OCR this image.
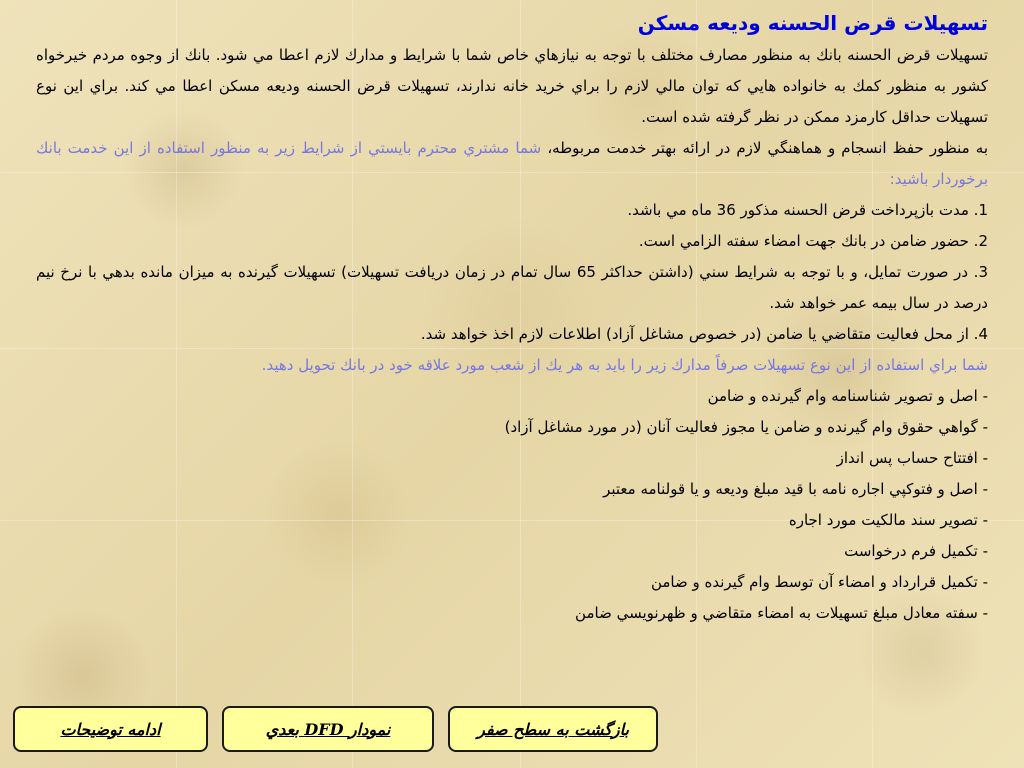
تسهيلات قرض الحسنه وديعه مسكن

تسهيلات قرض الحسنه بانك به منظور مصارف مختلف با توجه به نيازهاي خاص شما با شرايط و مدارك لازم اعطا مي شود. بانك از وجوه مردم خيرخواه كشور به منظور كمك به خانواده هايي كه توان مالي لازم را براي خريد خانه ندارند، تسهيلات قرض الحسنه وديعه مسكن اعطا مي كند. براي اين نوع تسهيلات حداقل كارمزد ممكن در نظر گرفته شده است.

به منظور حفظ انسجام و هماهنگي لازم در ارائه بهتر خدمت مربوطه، شما مشتري محترم بايستي از شرايط زير به منظور استفاده از اين خدمت بانك برخوردار باشيد:

1. مدت بازپرداخت قرض الحسنه مذكور 36 ماه مي باشد.

2. حضور ضامن در بانك جهت امضاء سفته الزامي است.

3. در صورت تمايل، و با توجه به شرايط سني (داشتن حداكثر 65 سال تمام در زمان دريافت تسهيلات) تسهيلات گيرنده به ميزان مانده بدهي با نرخ نيم درصد در سال بيمه عمر خواهد شد.

4. از محل فعاليت متقاضي يا ضامن (در خصوص مشاغل آزاد) اطلاعات لازم اخذ خواهد شد.

شما براي استفاده از اين نوع تسهيلات صرفاً مدارك زير را بايد به هر يك از شعب مورد علاقه خود در بانك تحويل دهيد.

- اصل و تصوير شناسنامه وام گيرنده و ضامن
- گواهي حقوق وام گيرنده و ضامن يا مجوز فعاليت آنان (در مورد مشاغل آزاد)
- افتتاح حساب پس انداز
- اصل و فتوكپي اجاره نامه با قيد مبلغ وديعه و يا قولنامه معتبر
- تصوير سند مالكيت مورد اجاره
- تكميل فرم درخواست
- تكميل قرارداد و امضاء آن توسط وام گيرنده و ضامن
- سفته معادل مبلغ تسهيلات به امضاء متقاضي و ظهرنويسي ضامن
بازگشت به سطح صفر
نمودار DFD بعدي
ادامه توضيحات
